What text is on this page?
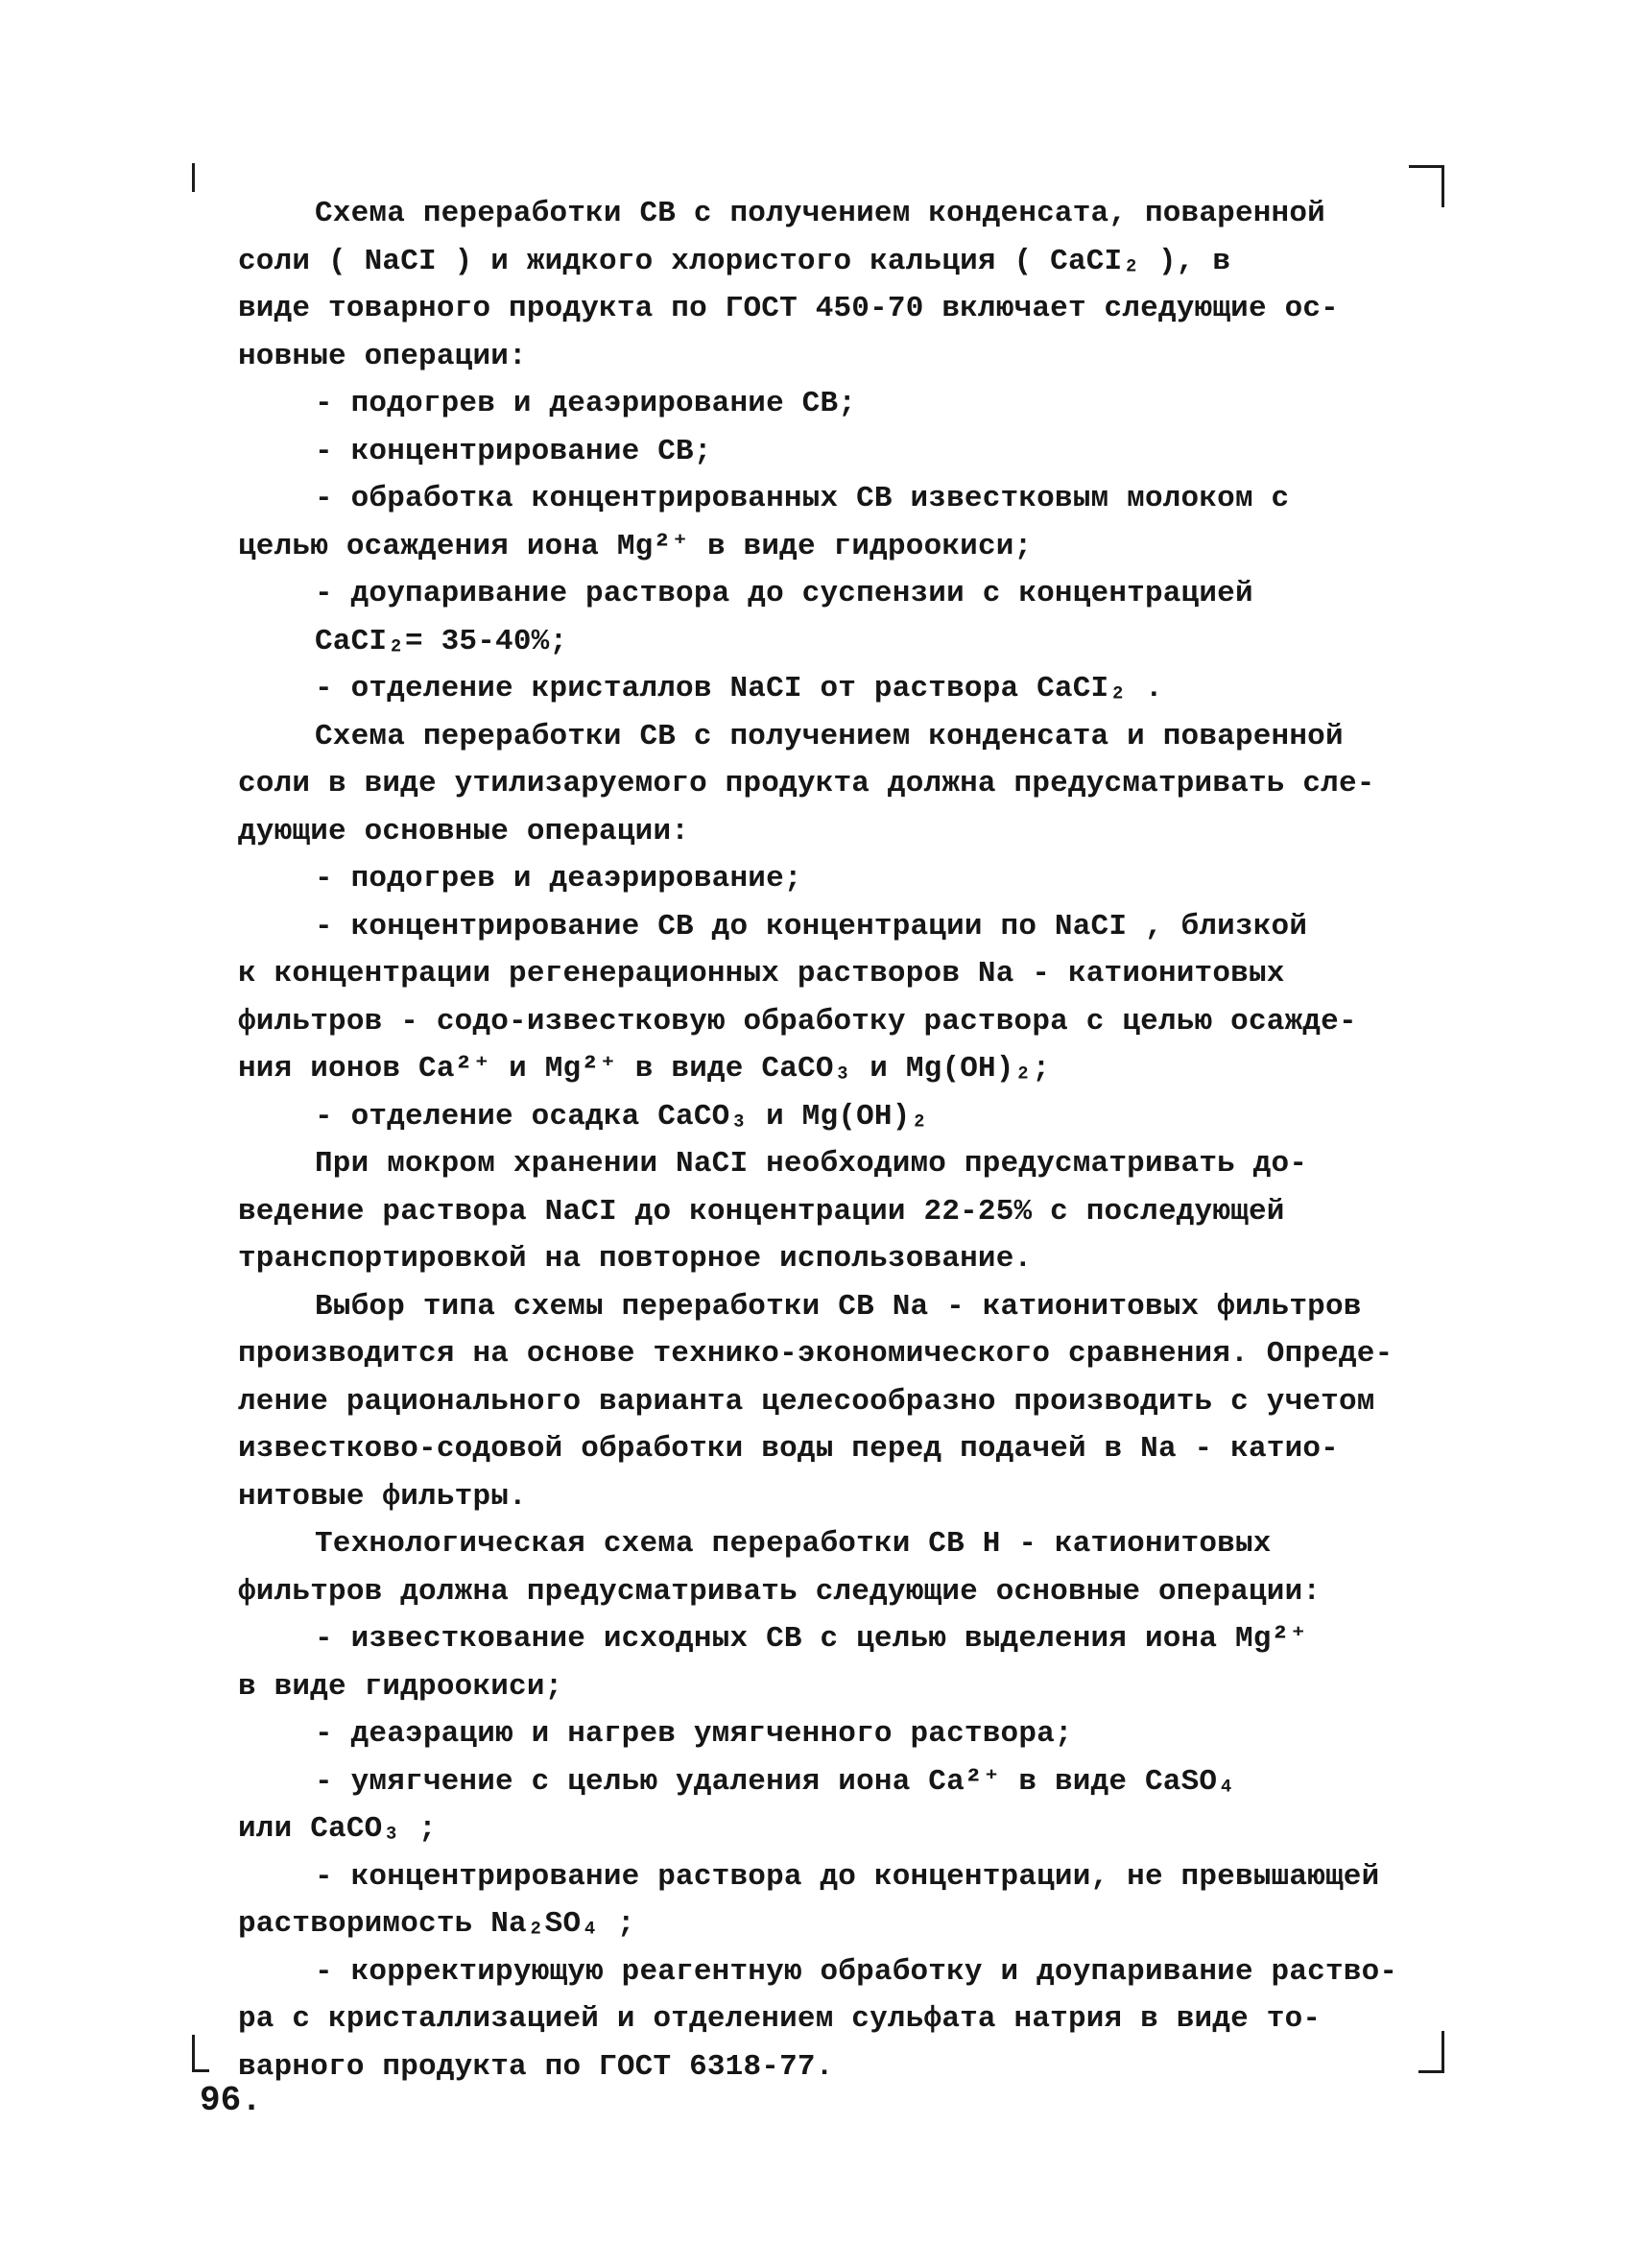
Схема переработки СВ с получением конденсата, поваренной
соли ( NaCI ) и жидкого хлористого кальция ( CaCI₂ ), в
виде товарного продукта по ГОСТ 450-70 включает следующие ос-
новные операции:
- подогрев и деаэрирование СВ;
- концентрирование СВ;
- обработка концентрированных СВ известковым молоком с
целью осаждения иона Mg²⁺ в виде гидроокиси;
- доупаривание раствора до суспензии с концентрацией
CaCI₂= 35-40%;
- отделение кристаллов NaCI от раствора CaCI₂ .
Схема переработки СВ с получением конденсата и поваренной
соли в виде утилизаруемого продукта должна предусматривать сле-
дующие основные операции:
- подогрев и деаэрирование;
- концентрирование СВ до концентрации по NaCI , близкой
к концентрации регенерационных растворов Na - катионитовых
фильтров - содо-известковую обработку раствора с целью осажде-
ния ионов Ca²⁺ и Mg²⁺ в виде CaCO₃ и Mg(OH)₂;
- отделение осадка CaCO₃ и Mg(OH)₂
При мокром хранении NaCI необходимо предусматривать до-
ведение раствора NaCI до концентрации 22-25% с последующей
транспортировкой на повторное использование.
Выбор типа схемы переработки СВ Na - катионитовых фильтров
производится на основе технико-экономического сравнения. Опреде-
ление рационального варианта целесообразно производить с учетом
известково-содовой обработки воды перед подачей в Na - катио-
нитовые фильтры.
Технологическая схема переработки СВ H - катионитовых
фильтров должна предусматривать следующие основные операции:
- известкование исходных СВ с целью выделения иона Mg²⁺
в виде гидроокиси;
- деаэрацию и нагрев умягченного раствора;
- умягчение с целью удаления иона Ca²⁺ в виде CaSO₄
или CaCO₃ ;
- концентрирование раствора до концентрации, не превышающей
растворимость Na₂SO₄ ;
- корректирующую реагентную обработку и доупаривание раство-
ра с кристаллизацией и отделением сульфата натрия в виде то-
варного продукта по ГОСТ 6318-77.
96.
